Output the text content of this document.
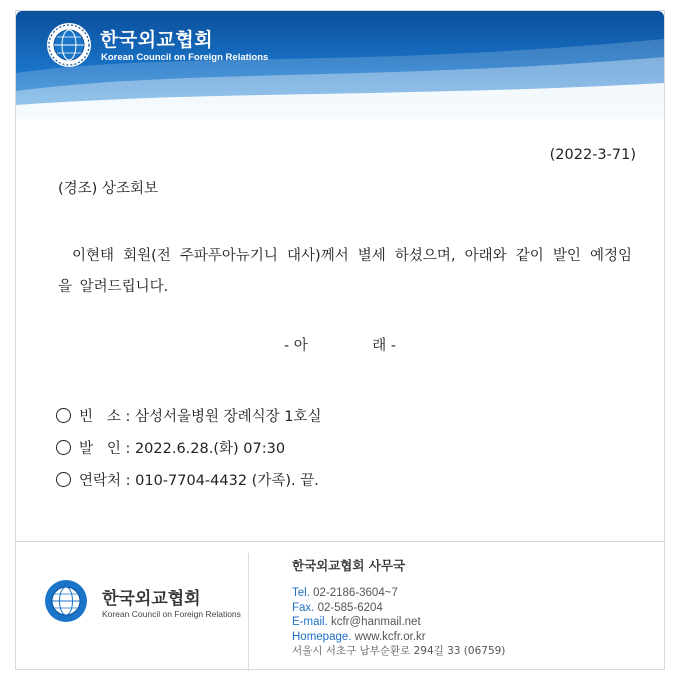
한국외교협회
Korean Council on Foreign Relations
(2022-3-71)
(경조) 상조회보
이현태 회원(전 주파푸아뉴기니 대사)께서 별세 하셨으며, 아래와 같이 발인 예정임을 알려드립니다.
- 아              래 -
빈   소 : 삼성서울병원 장례식장 1호실
발   인 : 2022.6.28.(화) 07:30
연락처 : 010-7704-4432 (가족). 끝.
한국외교협회
Korean Council on Foreign Relations
한국외교협회 사무국
Tel. 02-2186-3604~7
Fax. 02-585-6204
E-mail. kcfr@hanmail.net
Homepage. www.kcfr.or.kr
서울시 서초구 남부순환로 294길 33 (06759)
